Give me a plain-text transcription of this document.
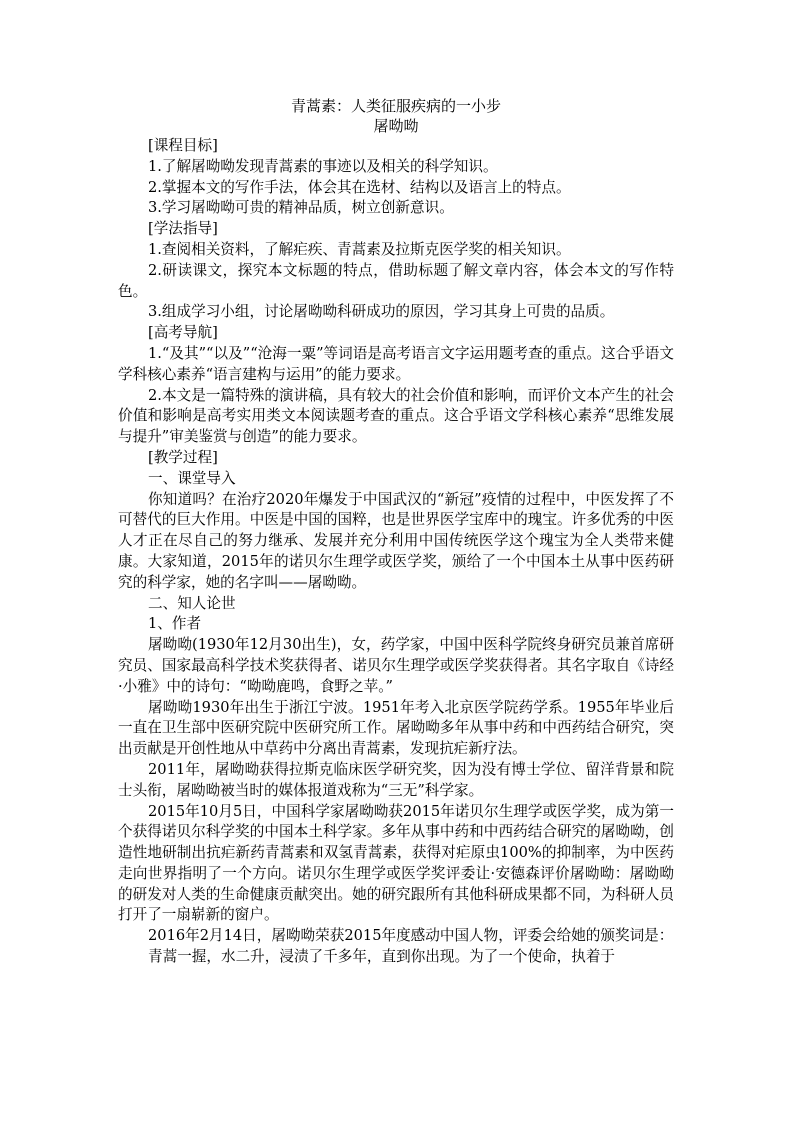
青蒿素：人类征服疾病的一小步

屠呦呦

[课程目标]

1.了解屠呦呦发现青蒿素的事迹以及相关的科学知识。

2.掌握本文的写作手法，体会其在选材、结构以及语言上的特点。

3.学习屠呦呦可贵的精神品质，树立创新意识。

[学法指导]

1.查阅相关资料，了解疟疾、青蒿素及拉斯克医学奖的相关知识。

2.研读课文，探究本文标题的特点，借助标题了解文章内容，体会本文的写作特色。

3.组成学习小组，讨论屠呦呦科研成功的原因，学习其身上可贵的品质。

[高考导航]

1.“及其”“以及”“沧海一粟”等词语是高考语言文字运用题考查的重点。这合乎语文学科核心素养“语言建构与运用”的能力要求。

2.本文是一篇特殊的演讲稿，具有较大的社会价值和影响，而评价文本产生的社会价值和影响是高考实用类文本阅读题考查的重点。这合乎语文学科核心素养“思维发展与提升”审美鉴赏与创造”的能力要求。

[教学过程]

一、课堂导入

你知道吗？在治疗2020年爆发于中国武汉的“新冠”疫情的过程中，中医发挥了不可替代的巨大作用。中医是中国的国粹，也是世界医学宝库中的瑰宝。许多优秀的中医人才正在尽自己的努力继承、发展并充分利用中国传统医学这个瑰宝为全人类带来健康。大家知道，2015年的诺贝尔生理学或医学奖，颁给了一个中国本土从事中医药研究的科学家，她的名字叫——屠呦呦。

二、知人论世

1、作者

屠呦呦(1930年12月30出生)，女，药学家，中国中医科学院终身研究员兼首席研究员、国家最高科学技术奖获得者、诺贝尔生理学或医学奖获得者。其名字取自《诗经·小雅》中的诗句：“呦呦鹿鸣，食野之苹。”

屠呦呦1930年出生于浙江宁波。1951年考入北京医学院药学系。1955年毕业后一直在卫生部中医研究院中医研究所工作。屠呦呦多年从事中药和中西药结合研究，突出贡献是开创性地从中草药中分离出青蒿素，发现抗疟新疗法。

2011年，屠呦呦获得拉斯克临床医学研究奖，因为没有博士学位、留洋背景和院士头衔，屠呦呦被当时的媒体报道戏称为“三无”科学家。

2015年10月5日，中国科学家屠呦呦获2015年诺贝尔生理学或医学奖，成为第一个获得诺贝尔科学奖的中国本土科学家。多年从事中药和中西药结合研究的屠呦呦，创造性地研制出抗疟新药青蒿素和双氢青蒿素，获得对疟原虫100%的抑制率，为中医药走向世界指明了一个方向。诺贝尔生理学或医学奖评委让·安德森评价屠呦呦：屠呦呦的研发对人类的生命健康贡献突出。她的研究跟所有其他科研成果都不同，为科研人员打开了一扇崭新的窗户。

2016年2月14日，屠呦呦荣获2015年度感动中国人物，评委会给她的颁奖词是：

青蒿一握，水二升，浸渍了千多年，直到你出现。为了一个使命，执着于
